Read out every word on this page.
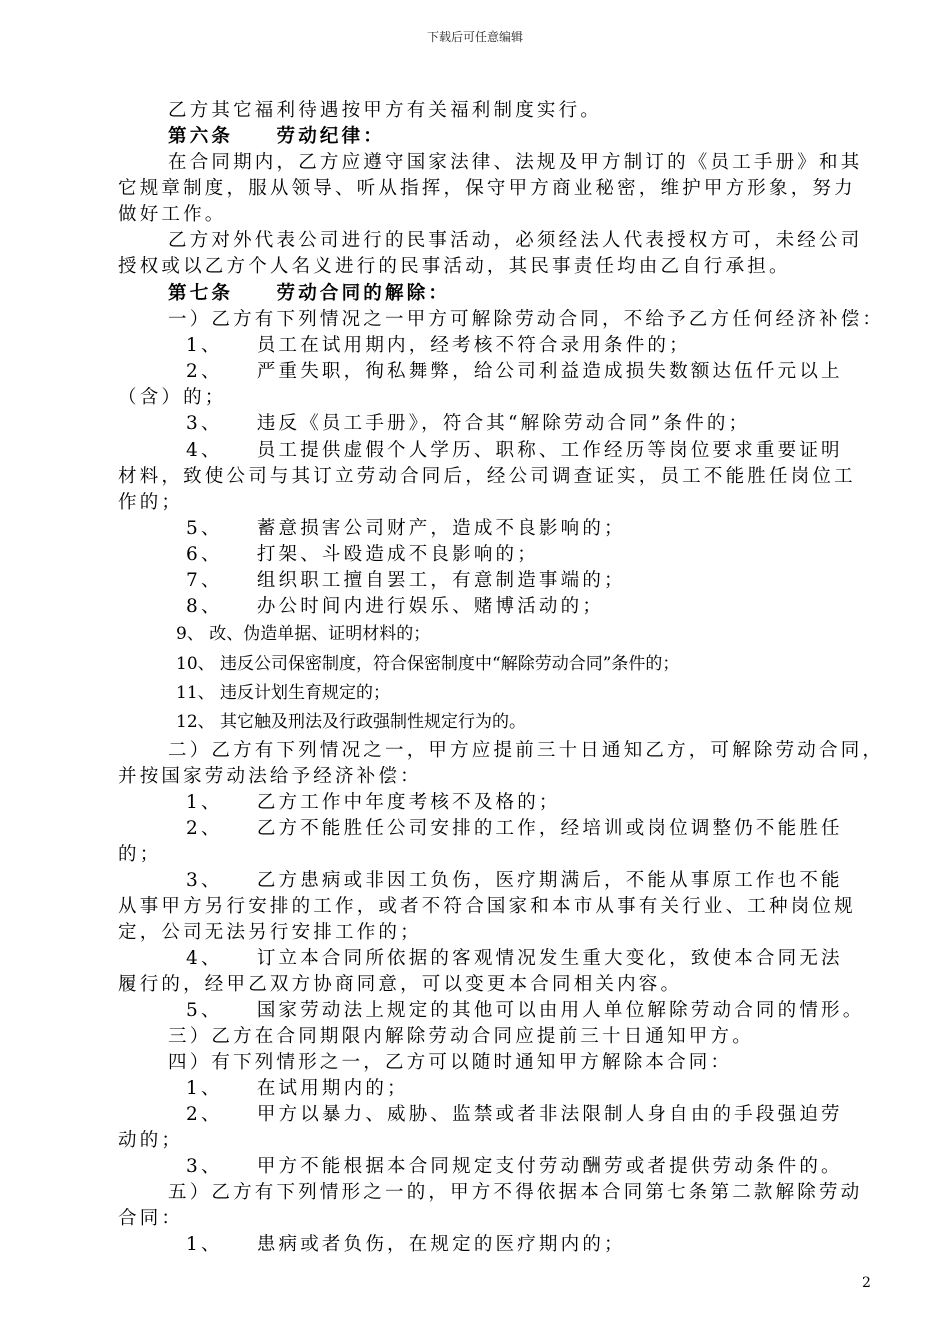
下载后可任意编辑
乙方其它福利待遇按甲方有关福利制度实行。
第六条　　劳动纪律：
在合同期内，乙方应遵守国家法律、法规及甲方制订的《员工手册》和其
它规章制度，服从领导、听从指挥，保守甲方商业秘密，维护甲方形象，努力
做好工作。
乙方对外代表公司进行的民事活动，必须经法人代表授权方可，未经公司
授权或以乙方个人名义进行的民事活动，其民事责任均由乙自行承担。
第七条　　劳动合同的解除：
一）乙方有下列情况之一甲方可解除劳动合同，不给予乙方任何经济补偿：
1、　　员工在试用期内，经考核不符合录用条件的；
2、　　严重失职，徇私舞弊，给公司利益造成损失数额达伍仟元以上
（含）的；
3、　　违反《员工手册》，符合其“解除劳动合同”条件的；
4、　　员工提供虚假个人学历、职称、工作经历等岗位要求重要证明
材料，致使公司与其订立劳动合同后，经公司调查证实，员工不能胜任岗位工
作的；
5、　　蓄意损害公司财产，造成不良影响的；
6、　　打架、斗殴造成不良影响的；
7、　　组织职工擅自罢工，有意制造事端的；
8、　　办公时间内进行娱乐、赌博活动的；
9、 改、伪造单据、证明材料的；
10、 违反公司保密制度，符合保密制度中“解除劳动合同”条件的；
11、 违反计划生育规定的；
12、 其它触及刑法及行政强制性规定行为的。
二）乙方有下列情况之一，甲方应提前三十日通知乙方，可解除劳动合同，
并按国家劳动法给予经济补偿：
1、　　乙方工作中年度考核不及格的；
2、　　乙方不能胜任公司安排的工作，经培训或岗位调整仍不能胜任
的；
3、　　乙方患病或非因工负伤，医疗期满后，不能从事原工作也不能
从事甲方另行安排的工作，或者不符合国家和本市从事有关行业、工种岗位规
定，公司无法另行安排工作的；
4、　　订立本合同所依据的客观情况发生重大变化，致使本合同无法
履行的，经甲乙双方协商同意，可以变更本合同相关内容。
5、　　国家劳动法上规定的其他可以由用人单位解除劳动合同的情形。
三）乙方在合同期限内解除劳动合同应提前三十日通知甲方。
四）有下列情形之一，乙方可以随时通知甲方解除本合同：
1、　　在试用期内的；
2、　　甲方以暴力、威胁、监禁或者非法限制人身自由的手段强迫劳
动的；
3、　　甲方不能根据本合同规定支付劳动酬劳或者提供劳动条件的。
五）乙方有下列情形之一的，甲方不得依据本合同第七条第二款解除劳动
合同：
1、　　患病或者负伤，在规定的医疗期内的；
2
